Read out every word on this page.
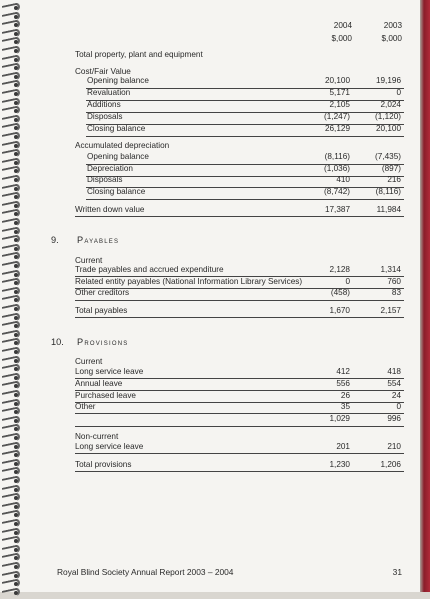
2004	2003
$,000	$,000
Total property, plant and equipment
Cost/Fair Value
Opening balance	20,100	19,196
Revaluation	5,171	0
Additions	2,105	2,024
Disposals	(1,247)	(1,120)
Closing balance	26,129	20,100
Accumulated depreciation
Opening balance	(8,116)	(7,435)
Depreciation	(1,036)	(897)
Disposals	410	216
Closing balance	(8,742)	(8,116)
Written down value	17,387	11,984
9. Payables
Current
Trade payables and accrued expenditure	2,128	1,314
Related entity payables (National Information Library Services)	0	760
Other creditors	(458)	83
Total payables	1,670	2,157
10. Provisions
Current
Long service leave	412	418
Annual leave	556	554
Purchased leave	26	24
Other	35	0
1,029	996
Non-current
Long service leave	201	210
Total provisions	1,230	1,206
Royal Blind Society Annual Report 2003 – 2004	31
